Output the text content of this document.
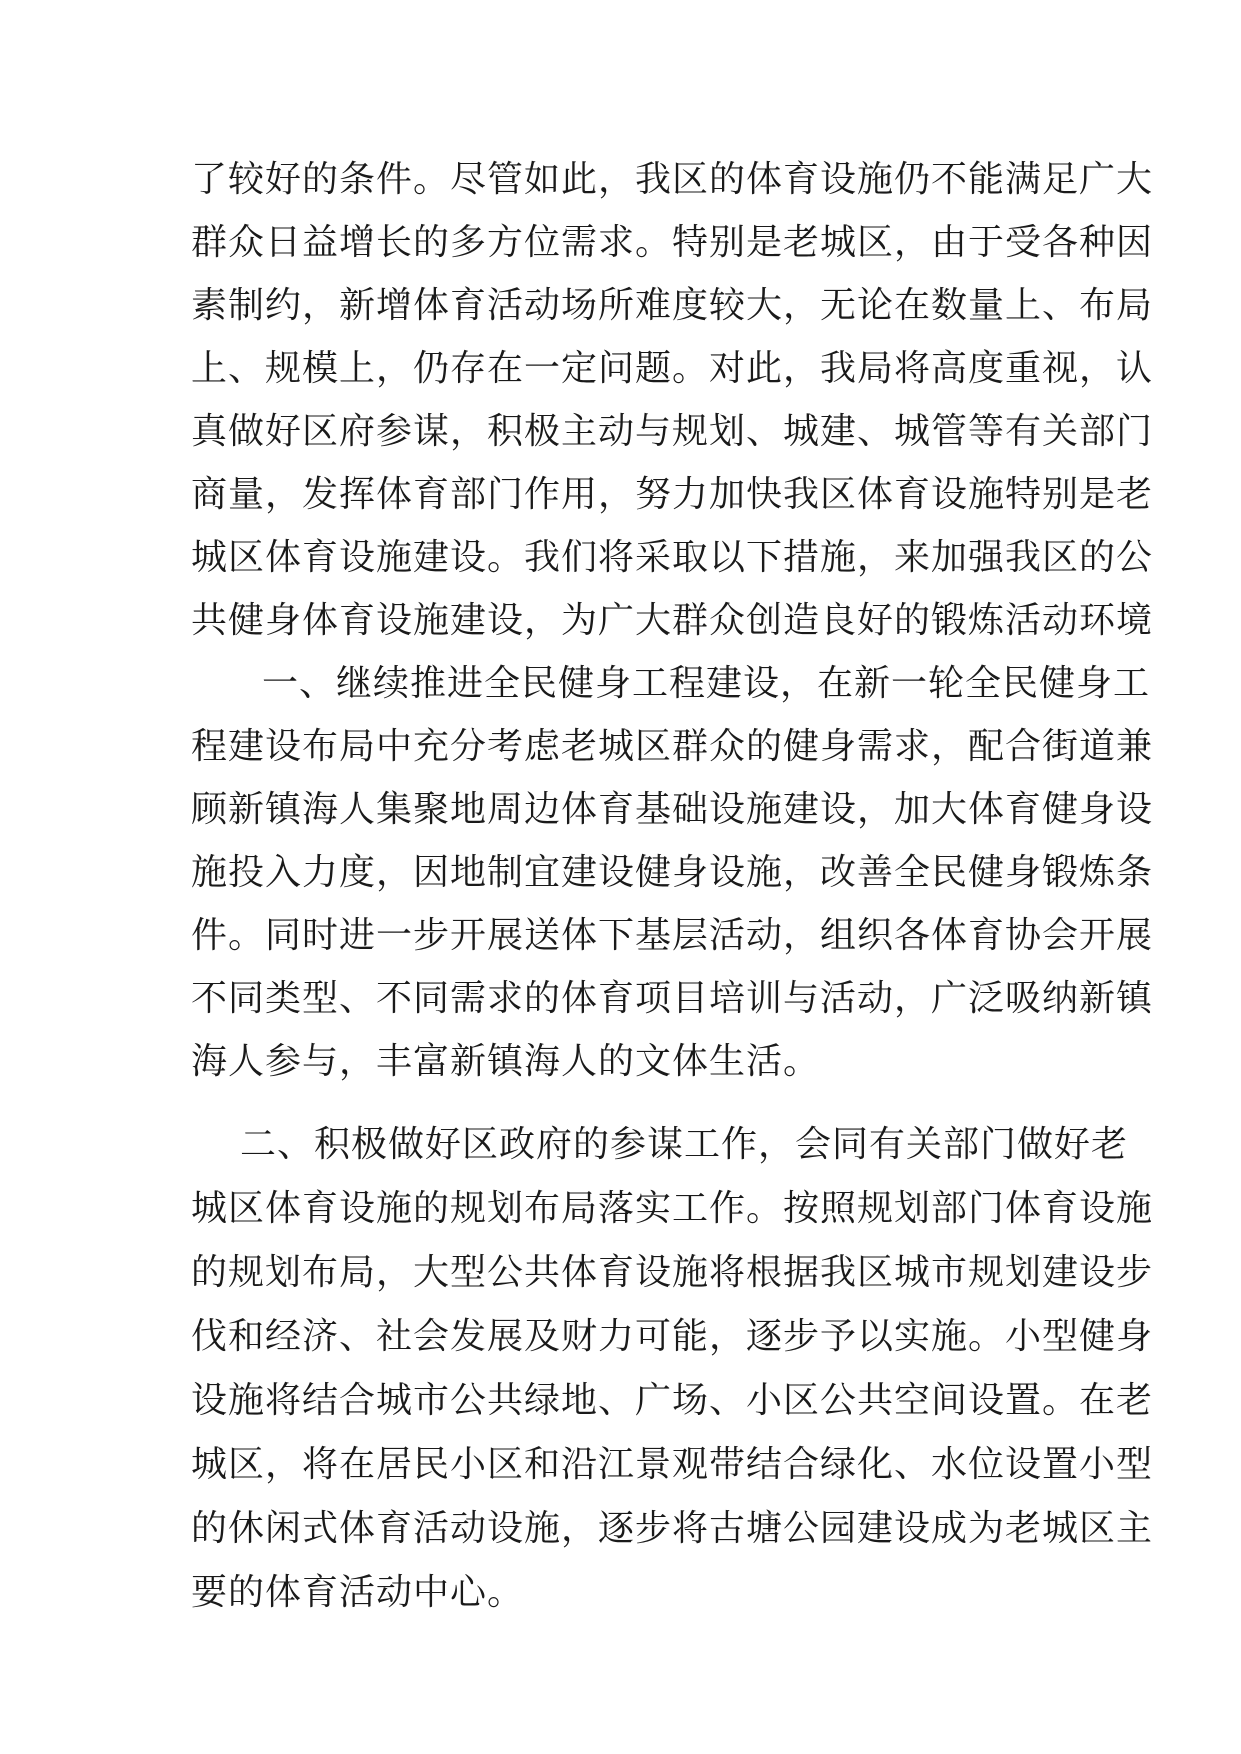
了较好的条件。尽管如此，我区的体育设施仍不能满足广大
群众日益增长的多方位需求。特别是老城区，由于受各种因
素制约，新增体育活动场所难度较大，无论在数量上、布局
上、规模上，仍存在一定问题。对此，我局将高度重视，认
真做好区府参谋，积极主动与规划、城建、城管等有关部门
商量，发挥体育部门作用，努力加快我区体育设施特别是老
城区体育设施建设。我们将采取以下措施，来加强我区的公
共健身体育设施建设，为广大群众创造良好的锻炼活动环境
一、继续推进全民健身工程建设，在新一轮全民健身工
程建设布局中充分考虑老城区群众的健身需求，配合街道兼
顾新镇海人集聚地周边体育基础设施建设，加大体育健身设
施投入力度，因地制宜建设健身设施，改善全民健身锻炼条
件。同时进一步开展送体下基层活动，组织各体育协会开展
不同类型、不同需求的体育项目培训与活动，广泛吸纳新镇
海人参与，丰富新镇海人的文体生活。
二、积极做好区政府的参谋工作，会同有关部门做好老
城区体育设施的规划布局落实工作。按照规划部门体育设施
的规划布局，大型公共体育设施将根据我区城市规划建设步
伐和经济、社会发展及财力可能，逐步予以实施。小型健身
设施将结合城市公共绿地、广场、小区公共空间设置。在老
城区，将在居民小区和沿江景观带结合绿化、水位设置小型
的休闲式体育活动设施，逐步将古塘公园建设成为老城区主
要的体育活动中心。
